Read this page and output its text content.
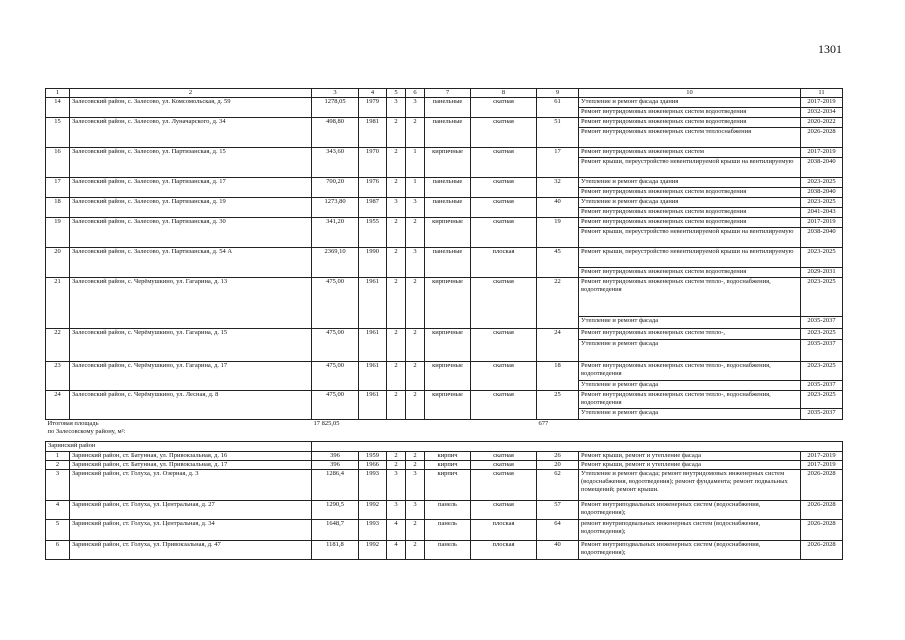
1301
1	2	3	4	5	6	7	8	9	10	11
14	Залесовский район, с. Залесово, ул. Комсомольская, д. 59	1278,05	1979	3	3	панельные	скатная	61	Утепление и ремонт фасада здания	2017-2019
									Ремонт внутридомовых инженерных систем водоотведения	2032-2034
15	Залесовский район, с. Залесово, ул. Луначарского, д. 34	498,80	1981	2	2	панельные	скатная	51	Ремонт внутридомовых инженерных систем водоотведения	2020-2022
									Ремонт внутридомовых инженерных систем теплоснабжения	2026-2028
16	Залесовский район, с. Залесово, ул. Партизанская, д. 15	343,60	1970	2	1	кирпичные	скатная	17	Ремонт внутридомовых инженерных систем	2017-2019
									Ремонт крыши, переустройство невентилируемой крыши на вентилируемую	2038-2040
17	Залесовский район, с. Залесово, ул. Партизанская, д. 17	700,20	1976	2	1	панельные	скатная	32	Утепление и ремонт фасада здания	2023-2025
									Ремонт внутридомовых инженерных систем водоотведения	2038-2040
18	Залесовский район, с. Залесово, ул. Партизанская, д. 19	1273,80	1987	3	3	панельные	скатная	40	Утепление и ремонт фасада здания	2023-2025
									Ремонт внутридомовых инженерных систем водоотведения	2041-2043
19	Залесовский район, с. Залесово, ул. Партизанская, д. 30	341,20	1955	2	2	кирпичные	скатная	19	Ремонт внутридомовых инженерных систем водоотведения	2017-2019
									Ремонт крыши, переустройство невентилируемой крыши на вентилируемую	2038-2040
20	Залесовский район, с. Залесово, ул. Партизанская, д. 54 А	2369,10	1990	2	3	панельные	плоская	45	Ремонт крыши, переустройство невентилируемой крыши на вентилируемую	2023-2025
									Ремонт внутридомовых инженерных систем водоотведения	2029-2031
21	Залесовский район, с. Черёмушкино, ул. Гагарина, д. 13	475,00	1961	2	2	кирпичные	скатная	22	Ремонт внутридомовых инженерных систем тепло-, водоснабжения, водоотведения	2023-2025
									Утепление и ремонт фасада	2035-2037
22	Залесовский район, с. Черёмушкино, ул. Гагарина, д. 15	475,00	1961	2	2	кирпичные	скатная	24	Ремонт внутридомовых инженерных систем тепло-,	2023-2025
									Утепление и ремонт фасада	2035-2037
23	Залесовский район, с. Черёмушкино, ул. Гагарина, д. 17	475,00	1961	2	2	кирпичные	скатная	18	Ремонт внутридомовых инженерных систем тепло-, водоснабжения, водоотведения	2023-2025
									Утепление и ремонт фасада	2035-2037
24	Залесовский район, с. Черёмушкино, ул. Лесная, д. 8	475,00	1961	2	2	кирпичные	скатная	25	Ремонт внутридомовых инженерных систем тепло-, водоснабжения, водоотведения	2023-2025
									Утепление и ремонт фасада	2035-2037
Итоговая площадь		17 825,05						677		
по Залесовскому району, м²:										

Заринский район										
1	Заринский район, ст. Батунная, ул. Привокзальная, д. 16	396	1959	2	2	кирпич	скатная	26	Ремонт крыши, ремонт и утепление фасада	2017-2019
2	Заринский район, ст. Батунная, ул. Привокзальная, д. 17	396	1966	2	2	кирпич	скатная	20	Ремонт крыши, ремонт и утепление фасада	2017-2019
3	Заринский район, ст. Голуха, ул. Озерная, д. 3	1286,4	1993	3	3	кирпич	скатная	62	Утепление и ремонт фасада; ремонт внутридомовых инженерных систем (водоснабжения, водоотведения); ремонт фундамента; ремонт подвальных помещений; ремонт крыши.	2026-2028
4	Заринский район, ст. Голуха, ул. Центральная, д. 27	1290,5	1992	3	3	панель	скатная	57	Ремонт внутриподвальных инженерных систем (водоснабжения, водоотведения);	2026-2028
5	Заринский район, ст. Голуха, ул. Центральная, д. 34	1648,7	1993	4	2	панель	плоская	64	ремонт внутриподвальных инженерных систем (водоснабжения, водоотведения);	2026-2028
6	Заринский район, ст. Голуха, ул. Привокзальная, д. 47	1181,8	1992	4	2	панель	плоская	40	Ремонт внутриподвальных инженерных систем (водоснабжения, водоотведения);	2026-2028
